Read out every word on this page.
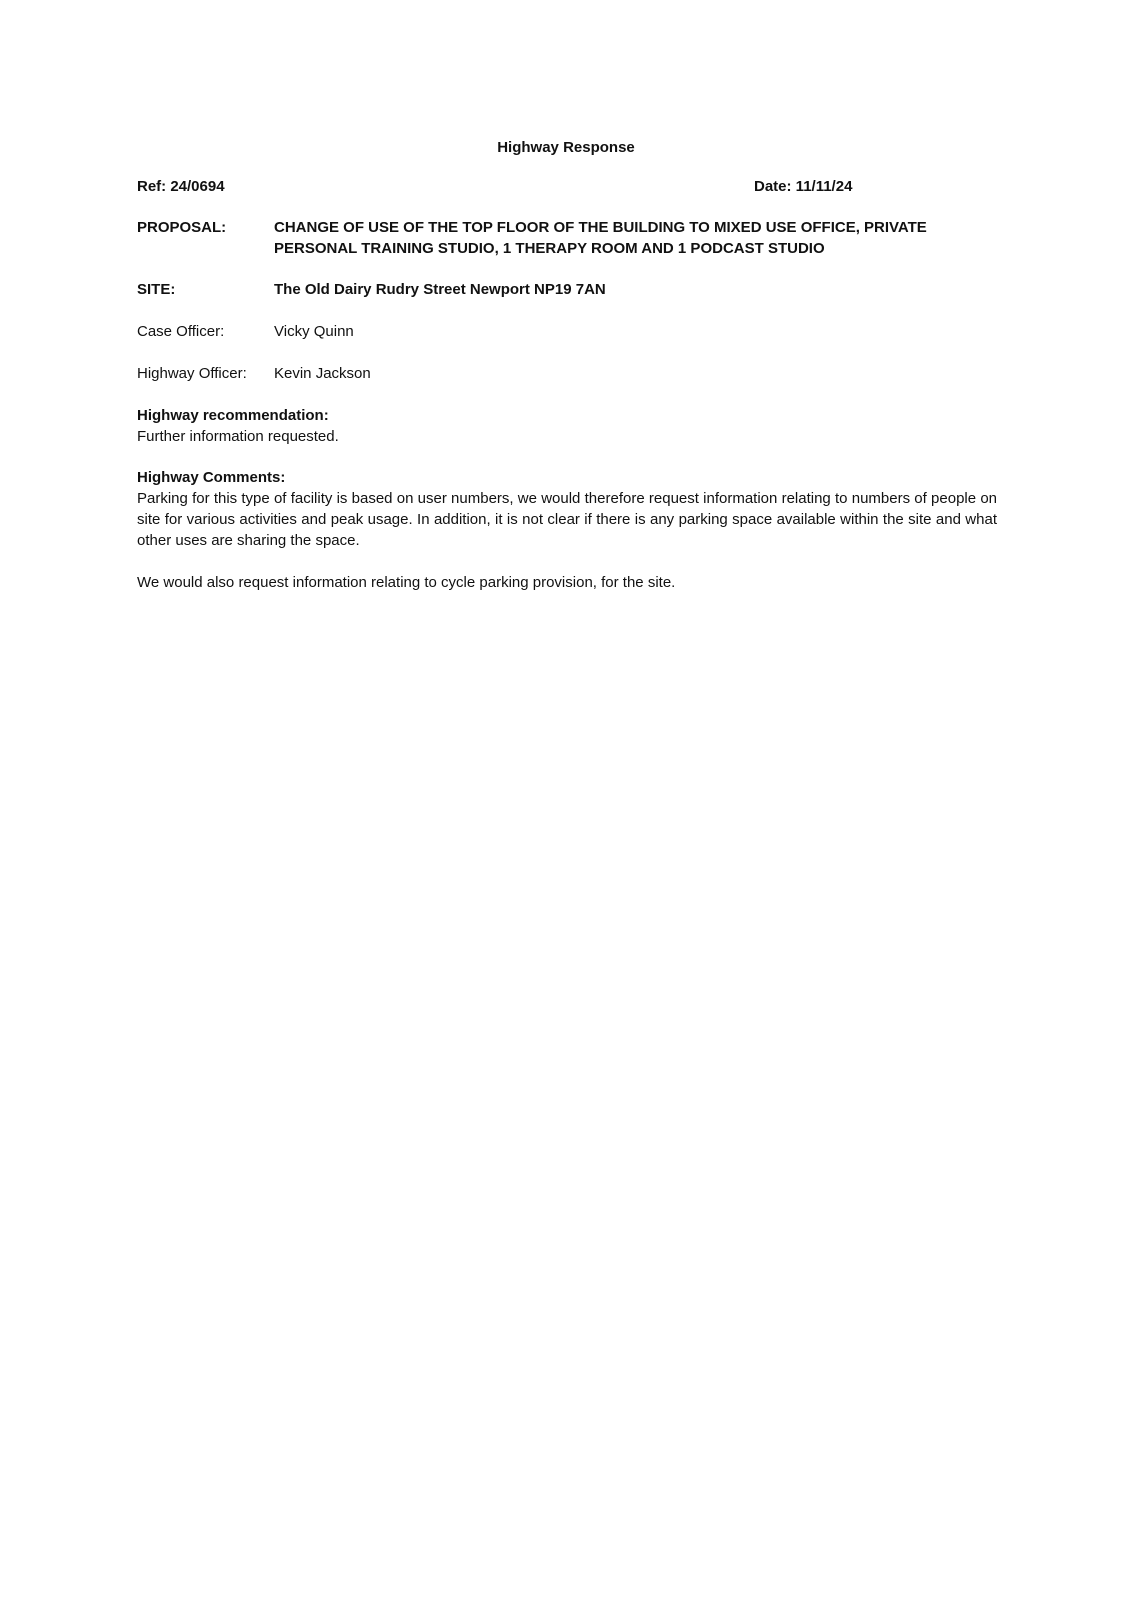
Highway Response
Ref: 24/0694	Date: 11/11/24
PROPOSAL:	CHANGE OF USE OF THE TOP FLOOR OF THE BUILDING TO MIXED USE OFFICE, PRIVATE PERSONAL TRAINING STUDIO, 1 THERAPY ROOM AND 1 PODCAST STUDIO
SITE:	The Old Dairy Rudry Street Newport NP19 7AN
Case Officer:	Vicky Quinn
Highway Officer:	Kevin Jackson
Highway recommendation:
Further information requested.
Highway Comments:

Parking for this type of facility is based on user numbers, we would therefore request information relating to numbers of people on site for various activities and peak usage. In addition, it is not clear if there is any parking space available within the site and what other uses are sharing the space.

We would also request information relating to cycle parking provision, for the site.
